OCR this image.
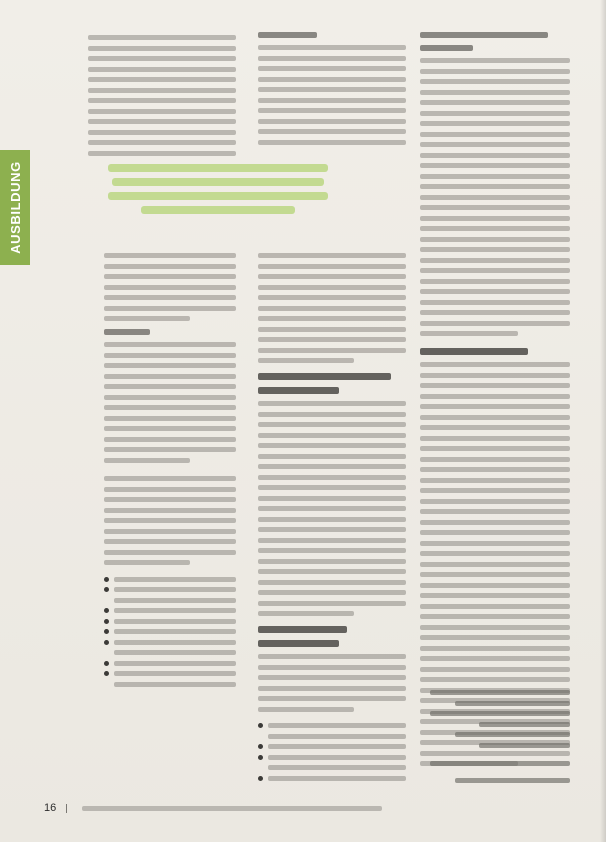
AUSBILDUNG
16
